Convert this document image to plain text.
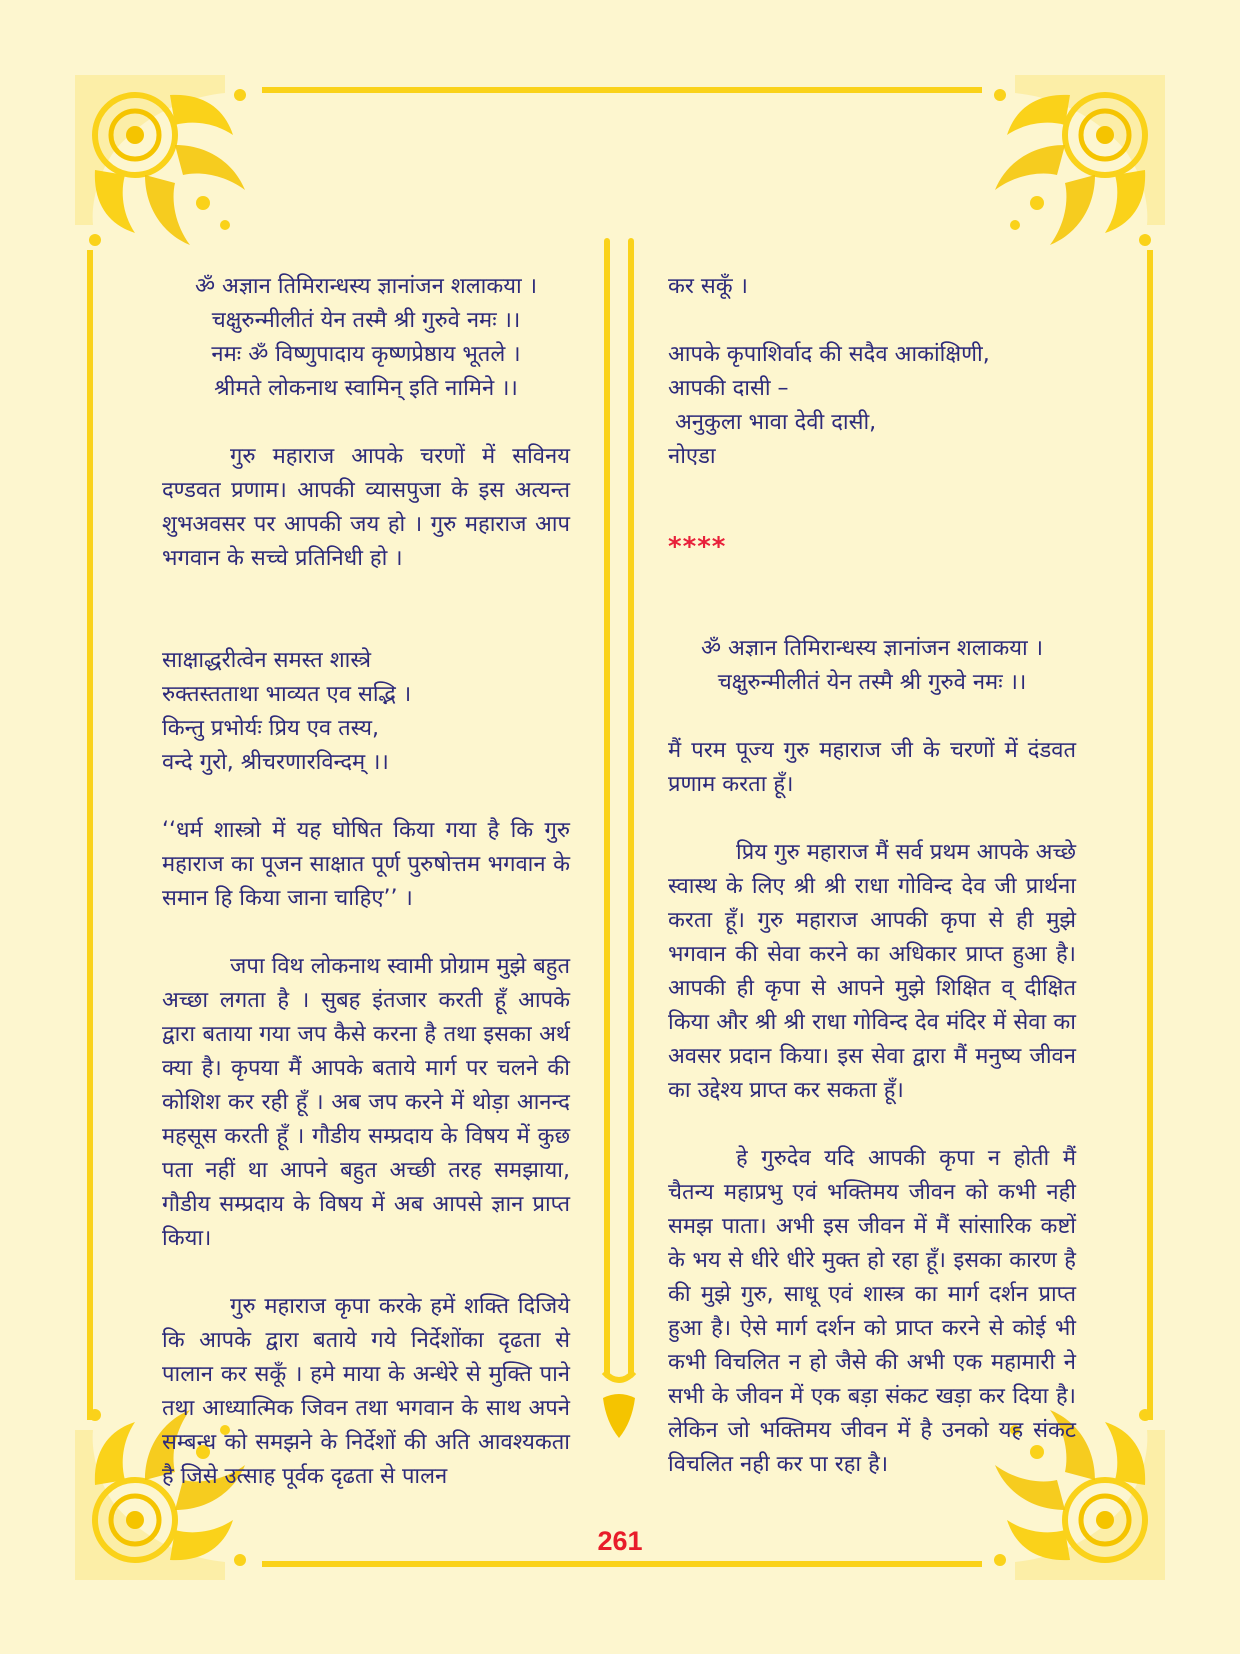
ॐ अज्ञान तिमिरान्धस्य ज्ञानांजन शलाकया ।
चक्षुरुन्मीलीतं येन तस्मै श्री गुरुवे नमः ।।
नमः ॐ विष्णुपादाय कृष्णप्रेष्ठाय भूतले ।
श्रीमते लोकनाथ स्वामिन् इति नामिने ।।

गुरु महाराज आपके चरणों में सविनय दण्डवत प्रणाम। आपकी व्यासपुजा के इस अत्यन्त शुभअवसर पर आपकी जय हो । गुरु महाराज आप भगवान के सच्चे प्रतिनिधी हो ।

साक्षाद्धरीत्वेन समस्त शास्त्रे
रुक्तस्तताथा भाव्यत एव सद्भि ।
किन्तु प्रभोर्यः प्रिय एव तस्य,
वन्दे गुरो, श्रीचरणारविन्दम् ।।

‘‘धर्म शास्त्रो में यह घोषित किया गया है कि गुरु महाराज का पूजन साक्षात पूर्ण पुरुषोत्तम भगवान के समान हि किया जाना चाहिए’’ ।

जपा विथ लोकनाथ स्वामी प्रोग्राम मुझे बहुत अच्छा लगता है । सुबह इंतजार करती हूँ आपके द्वारा बताया गया जप कैसे करना है तथा इसका अर्थ क्या है। कृपया मैं आपके बताये मार्ग पर चलने की कोशिश कर रही हूँ । अब जप करने में थोड़ा आनन्द महसूस करती हूँ । गौडीय सम्प्रदाय के विषय में कुछ पता नहीं था आपने बहुत अच्छी तरह समझाया, गौडीय सम्प्रदाय के विषय में अब आपसे ज्ञान प्राप्त किया।

गुरु महाराज कृपा करके हमें शक्ति दिजिये कि आपके द्वारा बताये गये निर्देशोंका दृढता से पालान कर सकूँ । हमे माया के अन्धेरे से मुक्ति पाने तथा आध्यात्मिक जिवन तथा भगवान के साथ अपने सम्बन्ध को समझने के निर्देशों की अति आवश्यकता है जिसे उत्साह पूर्वक दृढता से पालन

कर सकूँ ।
आपके कृपाशिर्वाद की सदैव आकांक्षिणी,
आपकी दासी –
अनुकुला भावा देवी दासी,
नोएडा
****
ॐ अज्ञान तिमिरान्धस्य ज्ञानांजन शलाकया ।
चक्षुरुन्मीलीतं येन तस्मै श्री गुरुवे नमः ।।

मैं परम पूज्य गुरु महाराज जी के चरणों में दंडवत प्रणाम करता हूँ।

प्रिय गुरु महाराज मैं सर्व प्रथम आपके अच्छे स्वास्थ के लिए श्री श्री राधा गोविन्द देव जी प्रार्थना करता हूँ। गुरु महाराज आपकी कृपा से ही मुझे भगवान की सेवा करने का अधिकार प्राप्त हुआ है। आपकी ही कृपा से आपने मुझे शिक्षित व् दीक्षित किया और श्री श्री राधा गोविन्द देव मंदिर में सेवा का अवसर प्रदान किया। इस सेवा द्वारा मैं मनुष्य जीवन का उद्देश्य प्राप्त कर सकता हूँ।

हे गुरुदेव यदि आपकी कृपा न होती मैं चैतन्य महाप्रभु एवं भक्तिमय जीवन को कभी नही समझ पाता। अभी इस जीवन में मैं सांसारिक कष्टों के भय से धीरे धीरे मुक्त हो रहा हूँ। इसका कारण है की मुझे गुरु, साधू एवं शास्त्र का मार्ग दर्शन प्राप्त हुआ है। ऐसे मार्ग दर्शन को प्राप्त करने से कोई भी कभी विचलित न हो जैसे की अभी एक महामारी ने सभी के जीवन में एक बड़ा संकट खड़ा कर दिया है। लेकिन जो भक्तिमय जीवन में है उनको यह संकट विचलित नही कर पा रहा है।

261
